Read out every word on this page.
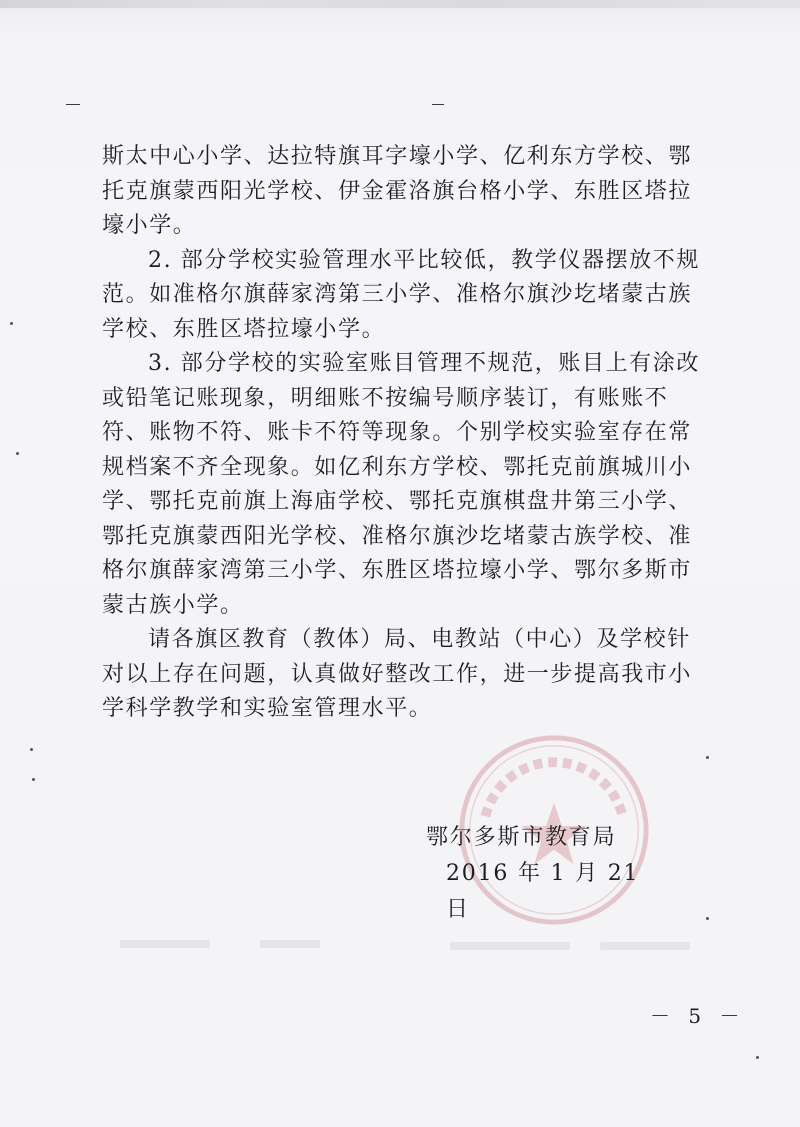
斯太中心小学、达拉特旗耳字壕小学、亿利东方学校、鄂托克旗蒙西阳光学校、伊金霍洛旗台格小学、东胜区塔拉壕小学。

2. 部分学校实验管理水平比较低，教学仪器摆放不规范。如准格尔旗薛家湾第三小学、准格尔旗沙圪堵蒙古族学校、东胜区塔拉壕小学。

3. 部分学校的实验室账目管理不规范，账目上有涂改或铅笔记账现象，明细账不按编号顺序装订，有账账不符、账物不符、账卡不符等现象。个别学校实验室存在常规档案不齐全现象。如亿利东方学校、鄂托克前旗城川小学、鄂托克前旗上海庙学校、鄂托克旗棋盘井第三小学、鄂托克旗蒙西阳光学校、准格尔旗沙圪堵蒙古族学校、准格尔旗薛家湾第三小学、东胜区塔拉壕小学、鄂尔多斯市蒙古族小学。

请各旗区教育（教体）局、电教站（中心）及学校针对以上存在问题，认真做好整改工作，进一步提高我市小学科学教学和实验室管理水平。

鄂尔多斯市教育局
2016 年 1 月 21 日
－ 5 －
